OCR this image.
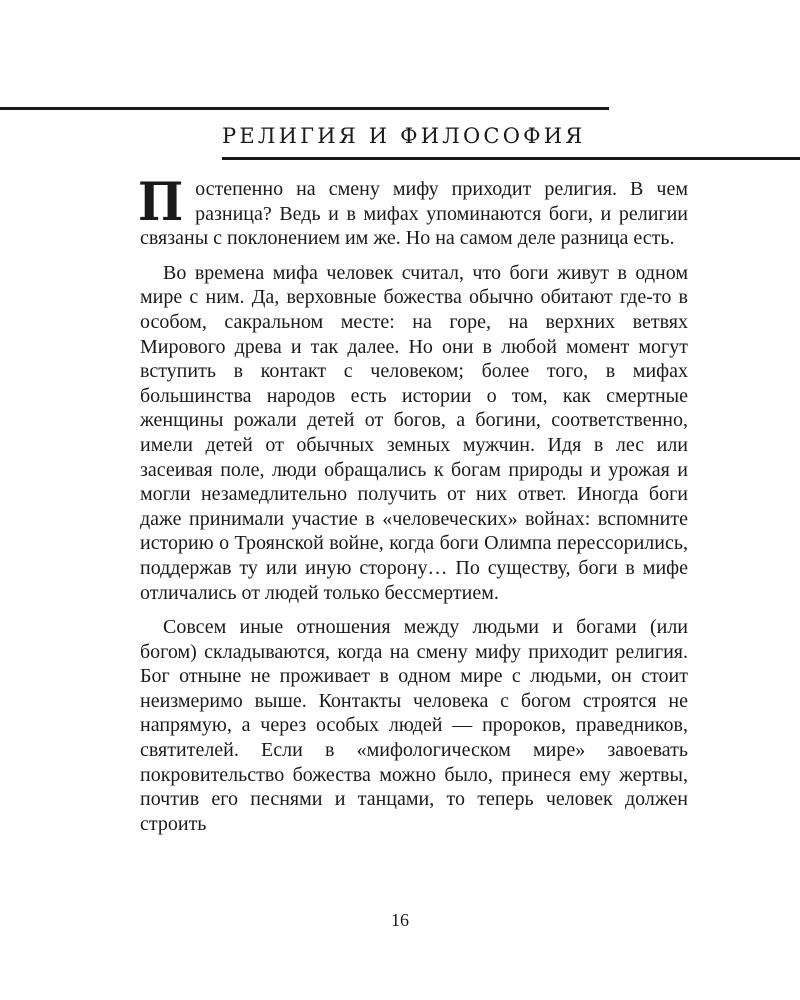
РЕЛИГИЯ И ФИЛОСОФИЯ

Постепенно на смену мифу приходит религия. В чем разница? Ведь и в мифах упоминаются боги, и религии связаны с поклонением им же. Но на самом деле разница есть.

Во времена мифа человек считал, что боги живут в одном мире с ним. Да, верховные божества обычно обитают где-то в особом, сакральном месте: на горе, на верхних ветвях Мирового древа и так далее. Но они в любой момент могут вступить в контакт с человеком; более того, в мифах большинства народов есть истории о том, как смертные женщины рожали детей от богов, а богини, соответственно, имели детей от обычных земных мужчин. Идя в лес или засеивая поле, люди обращались к богам природы и урожая и могли незамедлительно получить от них ответ. Иногда боги даже принимали участие в «человеческих» войнах: вспомните историю о Троянской войне, когда боги Олимпа перессорились, поддержав ту или иную сторону… По существу, боги в мифе отличались от людей только бессмертием.

Совсем иные отношения между людьми и богами (или богом) складываются, когда на смену мифу приходит религия. Бог отныне не проживает в одном мире с людьми, он стоит неизмеримо выше. Контакты человека с богом строятся не напрямую, а через особых людей — пророков, праведников, святителей. Если в «мифологическом мире» завоевать покровительство божества можно было, принеся ему жертвы, почтив его песнями и танцами, то теперь человек должен строить

16
